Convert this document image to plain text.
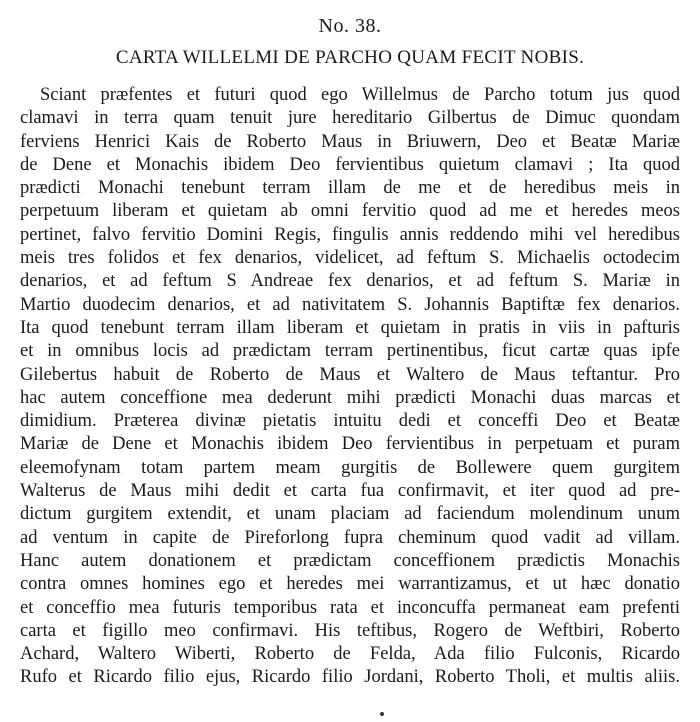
No. 38.
CARTA WILLELMI DE PARCHO QUAM FECIT NOBIS.
Sciant præfentes et futuri quod ego Willelmus de Parcho totum jus quod
clamavi in terra quam tenuit jure hereditario Gilbertus de Dimuc quondam
ferviens Henrici Kais de Roberto Maus in Briuwern, Deo et Beatæ Mariæ
de Dene et Monachis ibidem Deo fervientibus quietum clamavi ; Ita quod
prædicti Monachi tenebunt terram illam de me et de heredibus meis in
perpetuum liberam et quietam ab omni fervitio quod ad me et heredes meos
pertinet, falvo fervitio Domini Regis, fingulis annis reddendo mihi vel heredibus
meis tres folidos et fex denarios, videlicet, ad feftum S. Michaelis octodecim
denarios, et ad feftum S Andreae fex denarios, et ad feftum S. Mariæ in
Martio duodecim denarios, et ad nativitatem S. Johannis Baptiftæ fex denarios.
Ita quod tenebunt terram illam liberam et quietam in pratis in viis in pafturis
et in omnibus locis ad prædictam terram pertinentibus, ficut cartæ quas ipfe
Gilebertus habuit de Roberto de Maus et Waltero de Maus teftantur. Pro
hac autem conceffione mea dederunt mihi prædicti Monachi duas marcas et
dimidium. Præterea divinæ pietatis intuitu dedi et conceffi Deo et Beatæ
Mariæ de Dene et Monachis ibidem Deo fervientibus in perpetuam et puram
eleemofynam totam partem meam gurgitis de Bollewere quem gurgitem
Walterus de Maus mihi dedit et carta fua confirmavit, et iter quod ad pre-
dictum gurgitem extendit, et unam placiam ad faciendum molendinum unum
ad ventum in capite de Pireforlong fupra cheminum quod vadit ad villam.
Hanc autem donationem et prædictam conceffionem prædictis Monachis
contra omnes homines ego et heredes mei warrantizamus, et ut hæc donatio
et conceffio mea futuris temporibus rata et inconcuffa permaneat eam prefenti
carta et figillo meo confirmavi. His teftibus, Rogero de Weftbiri, Roberto
Achard, Waltero Wiberti, Roberto de Felda, Ada filio Fulconis, Ricardo
Rufo et Ricardo filio ejus, Ricardo filio Jordani, Roberto Tholi, et multis aliis.
